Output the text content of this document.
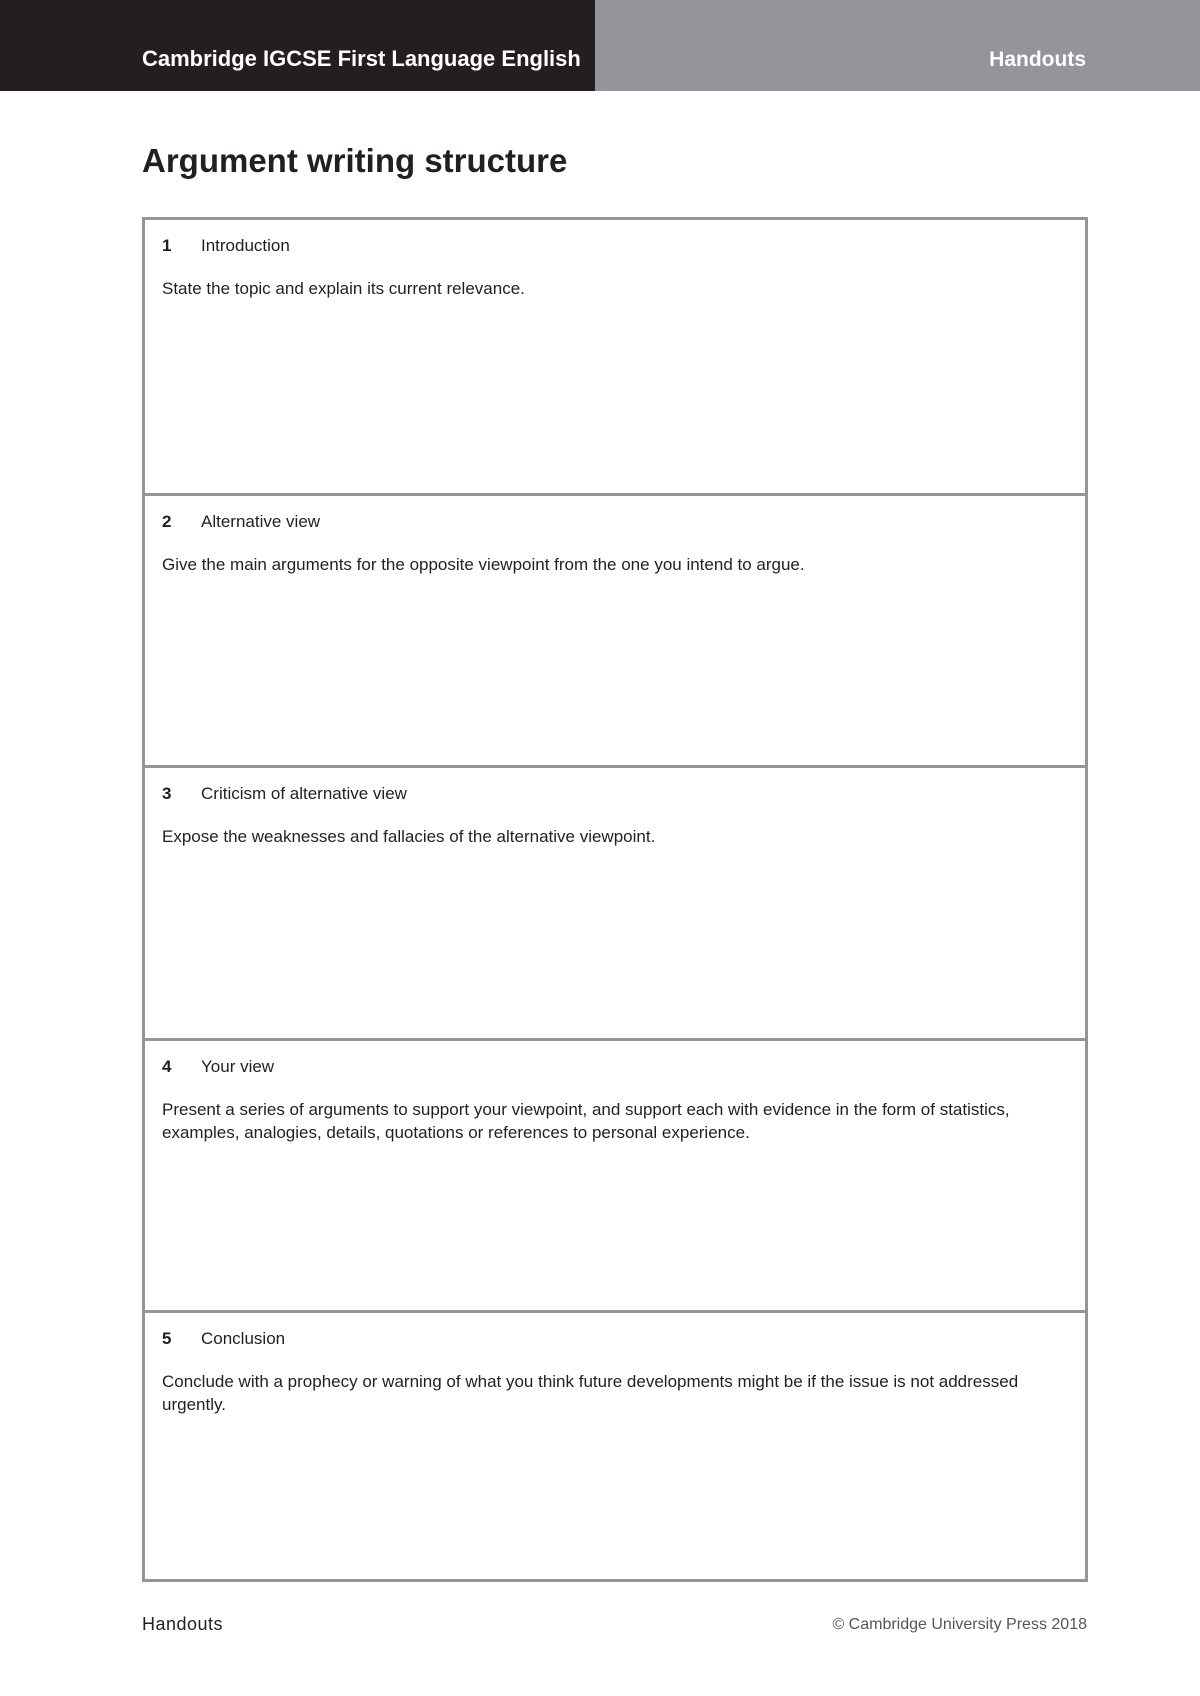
Cambridge IGCSE First Language English	Handouts
Argument writing structure
1 Introduction

State the topic and explain its current relevance.

2 Alternative view

Give the main arguments for the opposite viewpoint from the one you intend to argue.

3 Criticism of alternative view

Expose the weaknesses and fallacies of the alternative viewpoint.

4 Your view

Present a series of arguments to support your viewpoint, and support each with evidence in the form of statistics, examples, analogies, details, quotations or references to personal experience.

5 Conclusion

Conclude with a prophecy or warning of what you think future developments might be if the issue is not addressed urgently.

Handouts	© Cambridge University Press 2018
